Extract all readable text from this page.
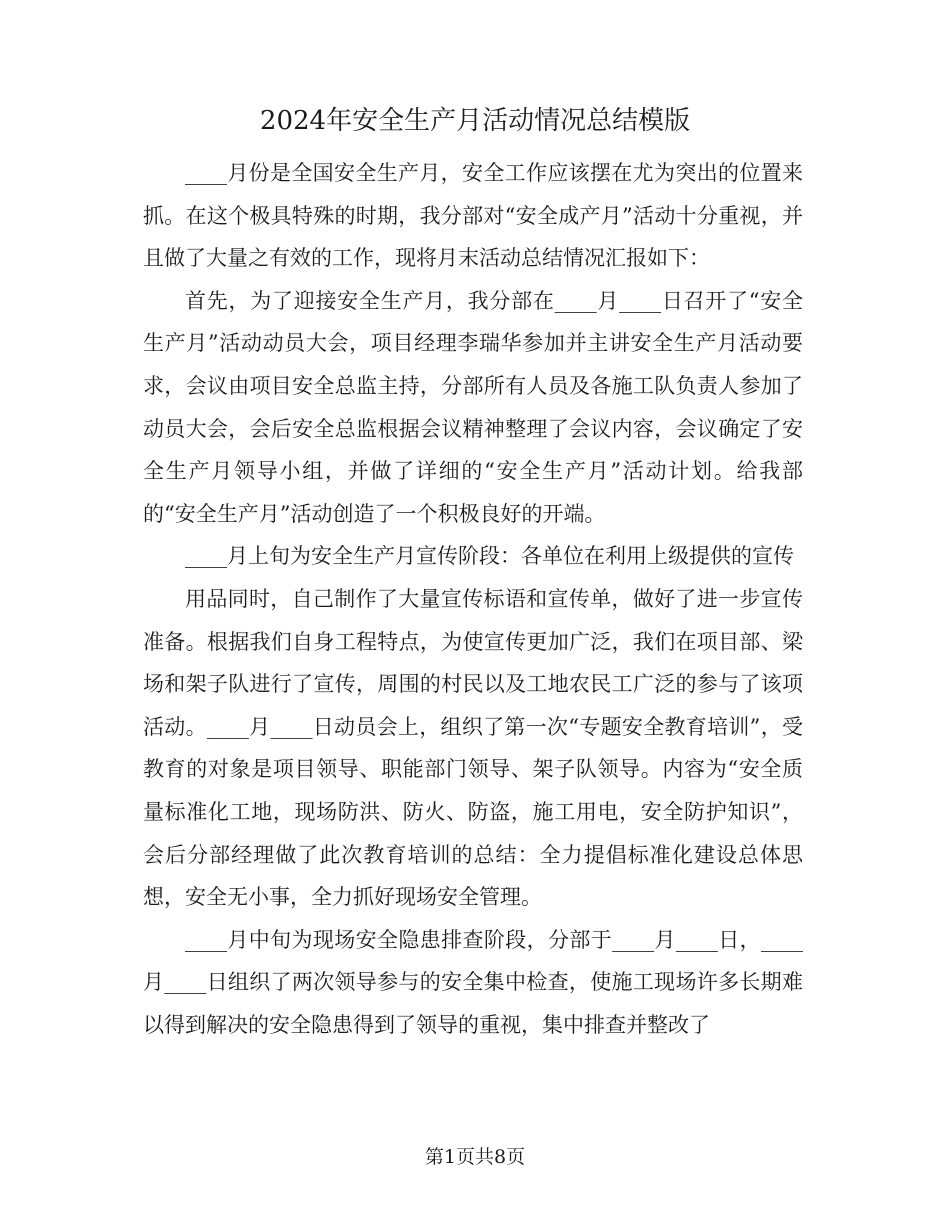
2024年安全生产月活动情况总结模版

____月份是全国安全生产月，安全工作应该摆在尤为突出的位置来抓。在这个极具特殊的时期，我分部对“安全成产月”活动十分重视，并且做了大量之有效的工作，现将月末活动总结情况汇报如下：

首先，为了迎接安全生产月，我分部在____月____日召开了“安全生产月”活动动员大会，项目经理李瑞华参加并主讲安全生产月活动要求，会议由项目安全总监主持，分部所有人员及各施工队负责人参加了动员大会，会后安全总监根据会议精神整理了会议内容，会议确定了安全生产月领导小组，并做了详细的“安全生产月”活动计划。给我部的“安全生产月”活动创造了一个积极良好的开端。

____月上旬为安全生产月宣传阶段：各单位在利用上级提供的宣传

用品同时，自己制作了大量宣传标语和宣传单，做好了进一步宣传准备。根据我们自身工程特点，为使宣传更加广泛，我们在项目部、梁场和架子队进行了宣传，周围的村民以及工地农民工广泛的参与了该项活动。____月____日动员会上，组织了第一次“专题安全教育培训”，受教育的对象是项目领导、职能部门领导、架子队领导。内容为“安全质量标准化工地，现场防洪、防火、防盗，施工用电，安全防护知识”，会后分部经理做了此次教育培训的总结：全力提倡标准化建设总体思想，安全无小事，全力抓好现场安全管理。

____月中旬为现场安全隐患排查阶段，分部于____月____日，____月____日组织了两次领导参与的安全集中检查，使施工现场许多长期难以得到解决的安全隐患得到了领导的重视，集中排查并整改了

第1页共8页
